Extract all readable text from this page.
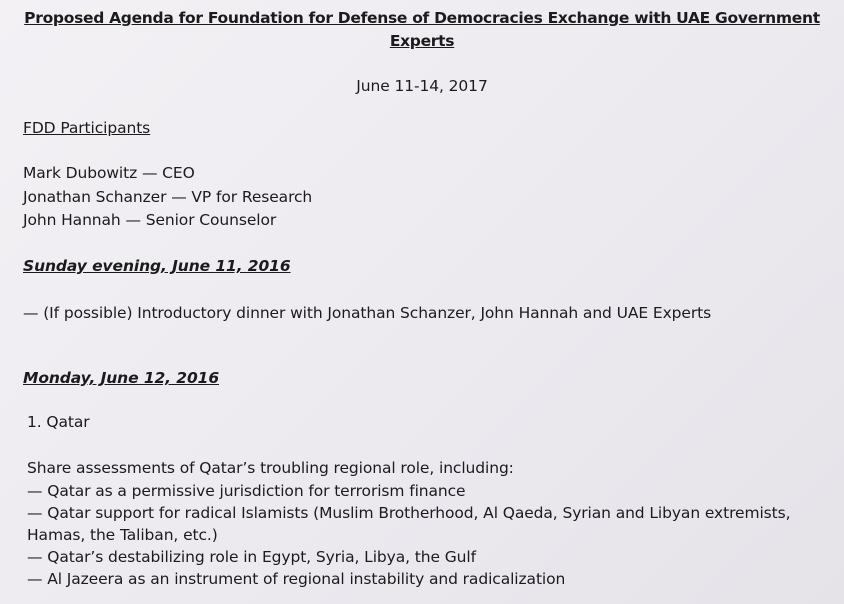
Proposed Agenda for Foundation for Defense of Democracies Exchange with UAE Government
Experts
June 11-14, 2017
FDD Participants
Mark Dubowitz — CEO
Jonathan Schanzer — VP for Research
John Hannah — Senior Counselor
Sunday evening, June 11, 2016
— (If possible) Introductory dinner with Jonathan Schanzer, John Hannah and UAE Experts
Monday, June 12, 2016
1. Qatar
Share assessments of Qatar’s troubling regional role, including:
— Qatar as a permissive jurisdiction for terrorism finance
— Qatar support for radical Islamists (Muslim Brotherhood, Al Qaeda, Syrian and Libyan extremists,
Hamas, the Taliban, etc.)
— Qatar’s destabilizing role in Egypt, Syria, Libya, the Gulf
— Al Jazeera as an instrument of regional instability and radicalization
